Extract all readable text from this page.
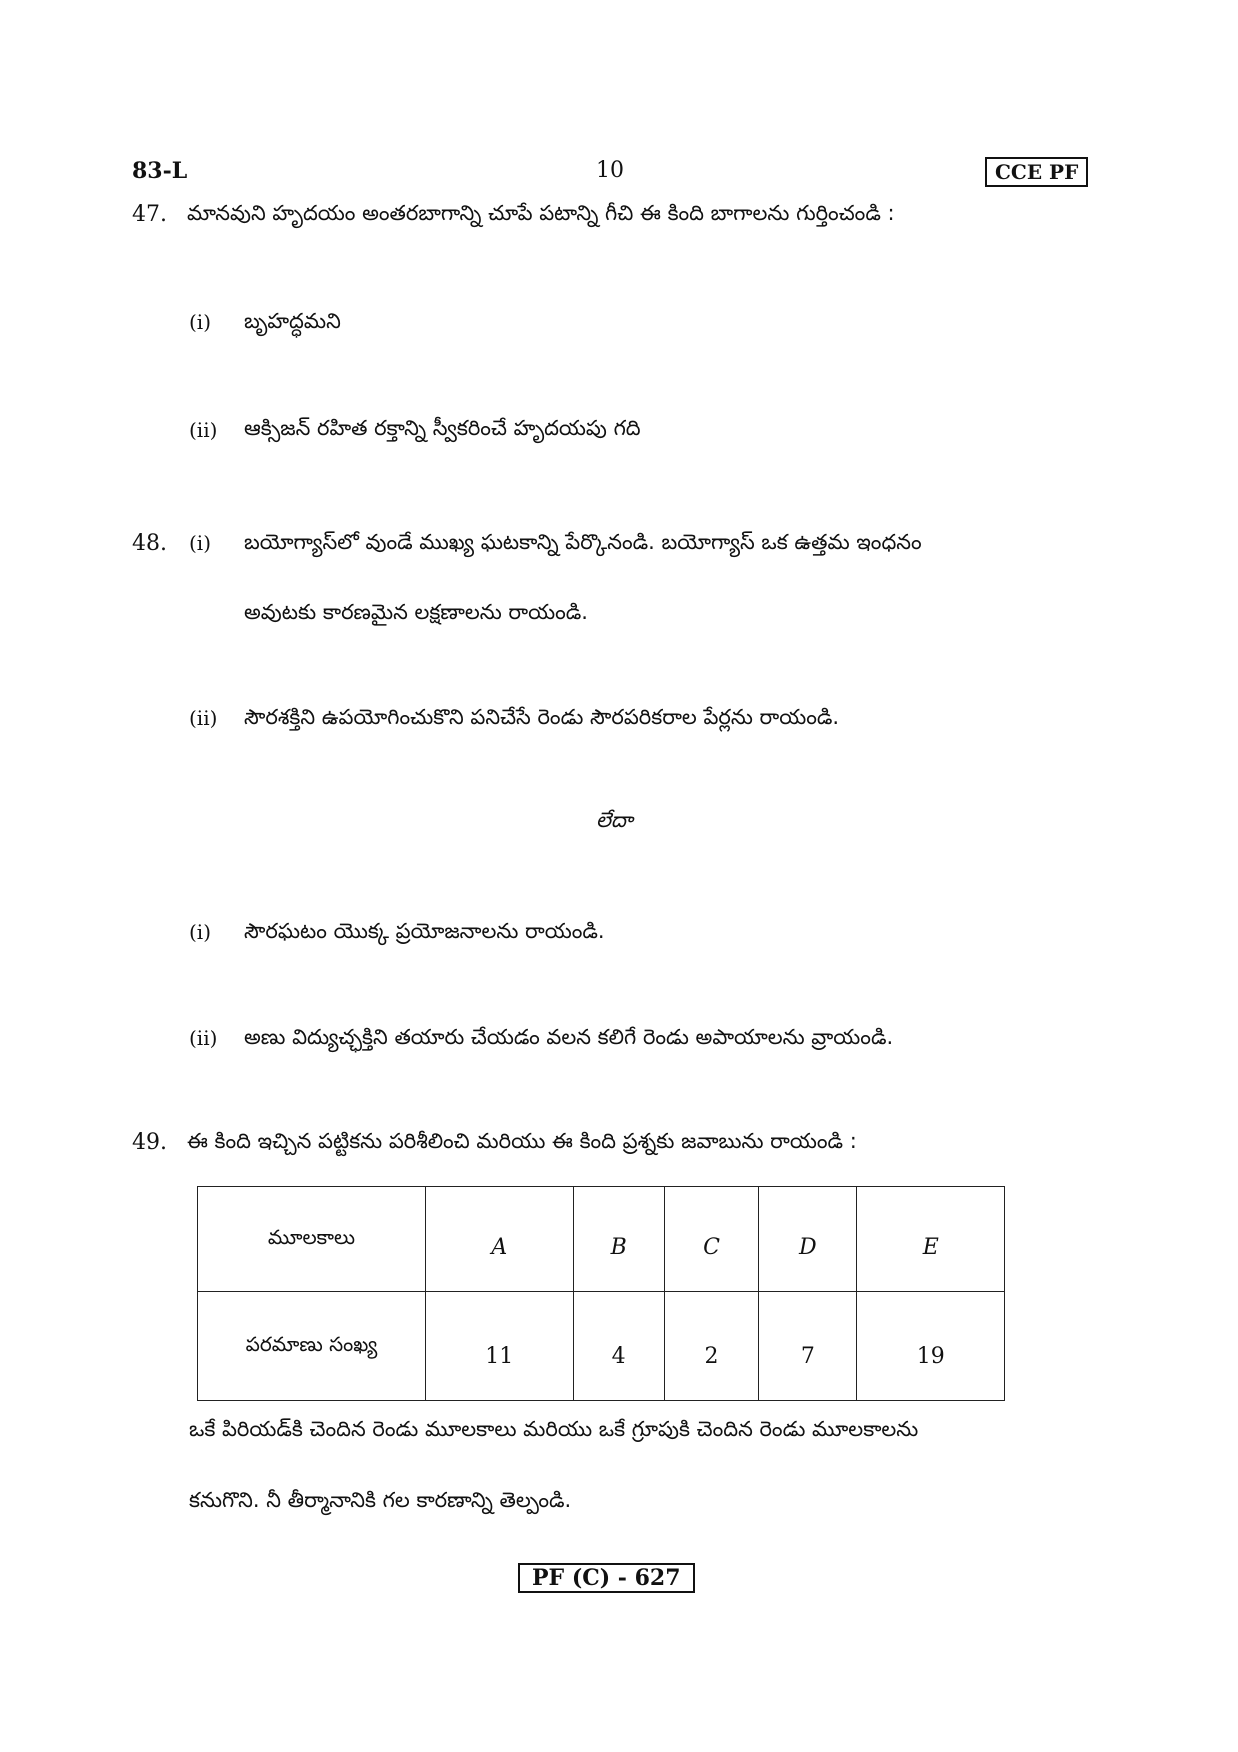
83-L	10	CCE PF
47. మానవుని హృదయం అంతరబాగాన్ని చూపే పటాన్ని గీచి ఈ కింది బాగాలను గుర్తించండి :
(i) బృహద్ధమని
(ii) ఆక్సిజన్ రహిత రక్తాన్ని స్వీకరించే హృదయపు గది
48. (i) బయోగ్యాస్‌లో వుండే ముఖ్య ఘటకాన్ని పేర్కొనండి. బయోగ్యాస్ ఒక ఉత్తమ ఇంధనం
అవుటకు కారణమైన లక్షణాలను రాయండి.
(ii) సౌరశక్తిని ఉపయోగించుకొని పనిచేసే రెండు సౌరపరికరాల పేర్లను రాయండి.
లేదా
(i) సౌరఘటం యొక్క ప్రయోజనాలను రాయండి.
(ii) అణు విద్యుచ్ఛక్తిని తయారు చేయడం వలన కలిగే రెండు అపాయాలను వ్రాయండి.
49. ఈ కింది ఇచ్చిన పట్టికను పరిశీలించి మరియు ఈ కింది ప్రశ్నకు జవాబును రాయండి :
మూలకాలు	A	B	C	D	E
పరమాణు సంఖ్య	11	4	2	7	19
ఒకే పిరియడ్‌కి చెందిన రెండు మూలకాలు మరియు ఒకే గ్రూపుకి చెందిన రెండు మూలకాలను
కనుగొని. నీ తీర్మానానికి గల కారణాన్ని తెల్పండి.
PF (C) - 627
